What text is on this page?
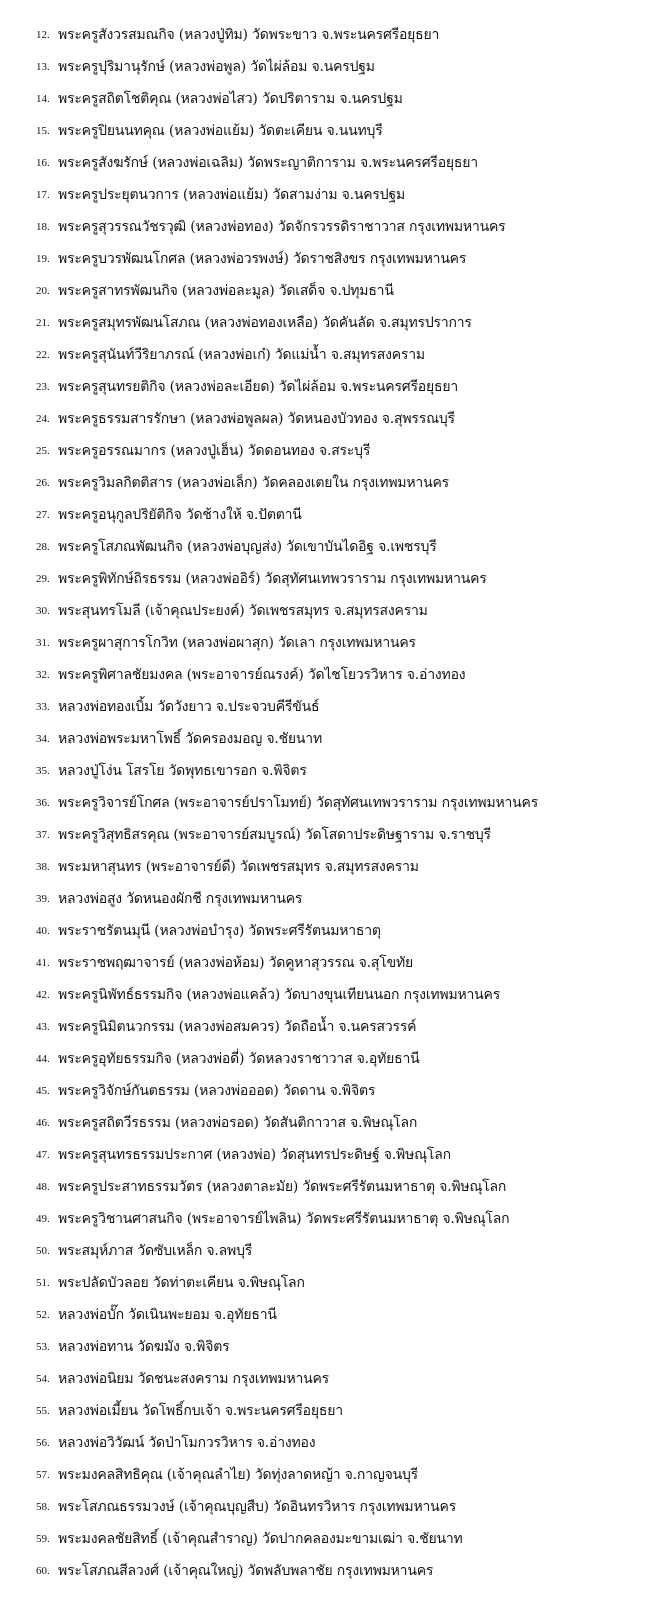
12. พระครูสังวรสมณกิจ (หลวงปู่ทิม) วัดพระขาว จ.พระนครศรีอยุธยา
13. พระครูปุริมานุรักษ์ (หลวงพ่อพูล) วัดไผ่ล้อม จ.นครปฐม
14. พระครูสถิตโชติคุณ (หลวงพ่อไสว) วัดปริตาราม จ.นครปฐม
15. พระครูปิยนนทคุณ (หลวงพ่อแย้ม) วัดตะเคียน จ.นนทบุรี
16. พระครูสังฆรักษ์ (หลวงพ่อเฉลิม) วัดพระญาติการาม จ.พระนครศรีอยุธยา
17. พระครูประยุตนวการ (หลวงพ่อแย้ม) วัดสามง่าม จ.นครปฐม
18. พระครูสุวรรณวัชรวุฒิ (หลวงพ่อทอง) วัดจักรวรรดิราชาวาส กรุงเทพมหานคร
19. พระครูบวรพัฒนโกศล (หลวงพ่อวรพงษ์) วัดราชสิงขร กรุงเทพมหานคร
20. พระครูสาทรพัฒนกิจ (หลวงพ่อละมูล) วัดเสด็จ จ.ปทุมธานี
21. พระครูสมุทรพัฒนโสภณ (หลวงพ่อทองเหลือ) วัดคันลัด จ.สมุทรปราการ
22. พระครูสุนันท์วีริยาภรณ์ (หลวงพ่อเก๋) วัดแม่น้ำ จ.สมุทรสงคราม
23. พระครูสุนทรยติกิจ (หลวงพ่อละเอียด) วัดไผ่ล้อม จ.พระนครศรีอยุธยา
24. พระครูธรรมสารรักษา (หลวงพ่อพูลผล) วัดหนองบัวทอง จ.สุพรรณบุรี
25. พระครูอรรณมากร (หลวงปู่เฮ็น) วัดดอนทอง จ.สระบุรี
26. พระครูวิมลกิตติสาร (หลวงพ่อเล็ก) วัดคลองเตยใน กรุงเทพมหานคร
27. พระครูอนุกูลปริยัติกิจ วัดช้างให้ จ.ปัตตานี
28. พระครูโสภณพัฒนกิจ (หลวงพ่อบุญส่ง) วัดเขาบันไดอิฐ จ.เพชรบุรี
29. พระครูพิทักษ์ถิรธรรม (หลวงพ่ออิร์) วัดสุทัศนเทพวราราม กรุงเทพมหานคร
30. พระสุนทรโมลี (เจ้าคุณประยงค์) วัดเพชรสมุทร จ.สมุทรสงคราม
31. พระครูผาสุการโกวิท (หลวงพ่อผาสุก) วัดเลา กรุงเทพมหานคร
32. พระครูพิศาลชัยมงคล (พระอาจารย์ณรงค์) วัดไชโยวรวิหาร จ.อ่างทอง
33. หลวงพ่อทองเบิ้ม วัดวังยาว จ.ประจวบคีรีขันธ์
34. หลวงพ่อพระมหาโพธิ์ วัดครองมอญ จ.ชัยนาท
35. หลวงปู่โง่น โสรโย วัดพุทธเขารอก จ.พิจิตร
36. พระครูวิจารย์โกศล (พระอาจารย์ปราโมทย์) วัดสุทัศนเทพวราราม กรุงเทพมหานคร
37. พระครูวิสุทธิสรคุณ (พระอาจารย์สมบูรณ์) วัดโสดาประดิษฐาราม จ.ราชบุรี
38. พระมหาสุนทร (พระอาจารย์ดี) วัดเพชรสมุทร จ.สมุทรสงคราม
39. หลวงพ่อสูง วัดหนองผักชี กรุงเทพมหานคร
40. พระราชรัตนมุนี (หลวงพ่อบำรุง) วัดพระศรีรัตนมหาธาตุ
41. พระราชพฤฒาจารย์ (หลวงพ่อห้อม) วัดคูหาสุวรรณ จ.สุโขทัย
42. พระครูนิพัทธ์ธรรมกิจ (หลวงพ่อแคล้ว) วัดบางขุนเทียนนอก กรุงเทพมหานคร
43. พระครูนิมิตนวกรรม (หลวงพ่อสมควร) วัดถือน้ำ จ.นครสวรรค์
44. พระครูอุทัยธรรมกิจ (หลวงพ่อดี่) วัดหลวงราชาวาส จ.อุทัยธานี
45. พระครูวิจักษ์กันตธรรม (หลวงพ่อออด) วัดดาน จ.พิจิตร
46. พระครูสถิตวีรธรรม (หลวงพ่อรอด) วัดสันติกาวาส จ.พิษณุโลก
47. พระครูสุนทรธรรมประกาศ (หลวงพ่อ) วัดสุนทรประดิษฐ์ จ.พิษณุโลก
48. พระครูประสาทธรรมวัตร (หลวงตาละมัย) วัดพระศรีรัตนมหาธาตุ จ.พิษณุโลก
49. พระครูวิชานศาสนกิจ (พระอาจารย์ไพลิน) วัดพระศรีรัตนมหาธาตุ จ.พิษณุโลก
50. พระสมุห์ภาส วัดซับเหล็ก จ.ลพบุรี
51. พระปลัดบัวลอย วัดท่าตะเคียน จ.พิษณุโลก
52. หลวงพ่อบั๊ก วัดเนินพะยอม จ.อุทัยธานี
53. หลวงพ่อทาน วัดฆมัง จ.พิจิตร
54. หลวงพ่อนิยม วัดชนะสงคราม กรุงเทพมหานคร
55. หลวงพ่อเมี้ยน วัดโพธิ์กบเจ้า จ.พระนครศรีอยุธยา
56. หลวงพ่อวิวัฒน์ วัดป่าโมกวรวิหาร จ.อ่างทอง
57. พระมงคลสิทธิคุณ (เจ้าคุณลำไย) วัดทุ่งลาดหญ้า จ.กาญจนบุรี
58. พระโสภณธรรมวงษ์ (เจ้าคุณบุญสืบ) วัดอินทรวิหาร กรุงเทพมหานคร
59. พระมงคลชัยสิทธิ์ (เจ้าคุณสำราญ) วัดปากคลองมะขามเฒ่า จ.ชัยนาท
60. พระโสภณสีลวงศ์ (เจ้าคุณใหญ่) วัดพลับพลาชัย กรุงเทพมหานคร
